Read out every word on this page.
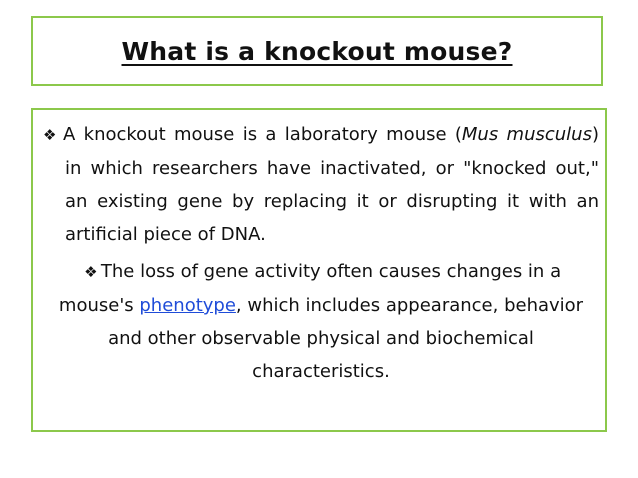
What is a knockout mouse?

❖ A knockout mouse is a laboratory mouse (Mus musculus) in which researchers have inactivated, or "knocked out," an existing gene by replacing it or disrupting it with an artificial piece of DNA.

❖ The loss of gene activity often causes changes in a mouse's phenotype, which includes appearance, behavior and other observable physical and biochemical characteristics.
